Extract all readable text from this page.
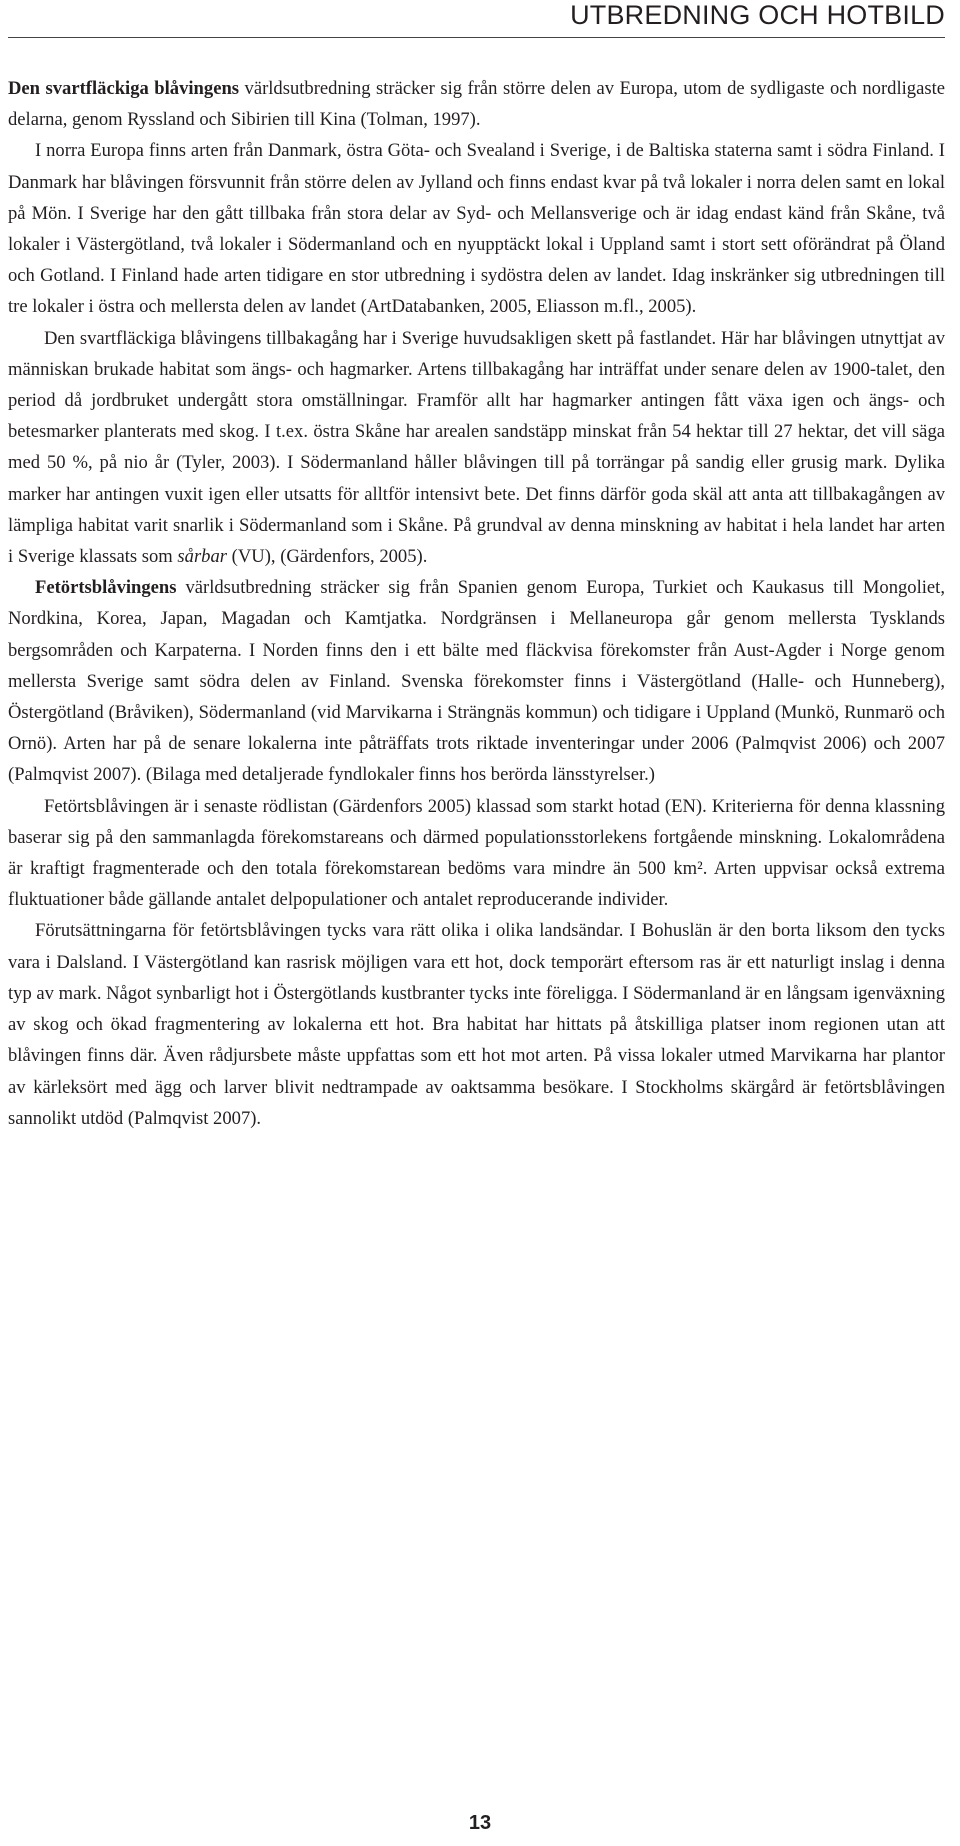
UTBREDNING OCH HOTBILD

Den svartfläckiga blåvingens världsutbredning sträcker sig från större delen av Europa, utom de sydligaste och nordligaste delarna, genom Ryssland och Sibirien till Kina (Tolman, 1997).

I norra Europa finns arten från Danmark, östra Göta- och Svealand i Sverige, i de Baltiska staterna samt i södra Finland. I Danmark har blåvingen försvunnit från större delen av Jylland och finns endast kvar på två lokaler i norra delen samt en lokal på Mön. I Sverige har den gått tillbaka från stora delar av Syd- och Mellansverige och är idag endast känd från Skåne, två lokaler i Västergötland, två lokaler i Södermanland och en nyupptäckt lokal i Uppland samt i stort sett oförändrat på Öland och Gotland. I Finland hade arten tidigare en stor utbredning i sydöstra delen av landet. Idag inskränker sig utbredningen till tre lokaler i östra och mellersta delen av landet (ArtDatabanken, 2005, Eliasson m.fl., 2005).

Den svartfläckiga blåvingens tillbakagång har i Sverige huvudsakligen skett på fastlandet. Här har blåvingen utnyttjat av människan brukade habitat som ängs- och hagmarker. Artens tillbakagång har inträffat under senare delen av 1900-talet, den period då jordbruket undergått stora omställningar. Framför allt har hagmarker antingen fått växa igen och ängs- och betesmarker planterats med skog. I t.ex. östra Skåne har arealen sandstäpp minskat från 54 hektar till 27 hektar, det vill säga med 50 %, på nio år (Tyler, 2003). I Södermanland håller blåvingen till på torrängar på sandig eller grusig mark. Dylika marker har antingen vuxit igen eller utsatts för alltför intensivt bete. Det finns därför goda skäl att anta att tillbakagången av lämpliga habitat varit snarlik i Södermanland som i Skåne. På grundval av denna minskning av habitat i hela landet har arten i Sverige klassats som sårbar (VU), (Gärdenfors, 2005).

Fetörtsblåvingens världsutbredning sträcker sig från Spanien genom Europa, Turkiet och Kaukasus till Mongoliet, Nordkina, Korea, Japan, Magadan och Kamtjatka. Nordgränsen i Mellaneuropa går genom mellersta Tysklands bergsområden och Karpaterna. I Norden finns den i ett bälte med fläckvisa förekomster från Aust-Agder i Norge genom mellersta Sverige samt södra delen av Finland. Svenska förekomster finns i Västergötland (Halle- och Hunneberg), Östergötland (Bråviken), Södermanland (vid Marvikarna i Strängnäs kommun) och tidigare i Uppland (Munkö, Runmarö och Ornö). Arten har på de senare lokalerna inte påträffats trots riktade inventeringar under 2006 (Palmqvist 2006) och 2007 (Palmqvist 2007). (Bilaga med detaljerade fyndlokaler finns hos berörda länsstyrelser.)

Fetörtsblåvingen är i senaste rödlistan (Gärdenfors 2005) klassad som starkt hotad (EN). Kriterierna för denna klassning baserar sig på den sammanlagda förekomstareans och därmed populationsstorlekens fortgående minskning. Lokalområdena är kraftigt fragmenterade och den totala förekomstarean bedöms vara mindre än 500 km². Arten uppvisar också extrema fluktuationer både gällande antalet delpopulationer och antalet reproducerande individer.

Förutsättningarna för fetörtsblåvingen tycks vara rätt olika i olika landsändar. I Bohuslän är den borta liksom den tycks vara i Dalsland. I Västergötland kan rasrisk möjligen vara ett hot, dock temporärt eftersom ras är ett naturligt inslag i denna typ av mark. Något synbarligt hot i Östergötlands kustbranter tycks inte föreligga. I Södermanland är en långsam igenväxning av skog och ökad fragmentering av lokalerna ett hot. Bra habitat har hittats på åtskilliga platser inom regionen utan att blåvingen finns där. Även rådjursbete måste uppfattas som ett hot mot arten. På vissa lokaler utmed Marvikarna har plantor av kärleksört med ägg och larver blivit nedtrampade av oaktsamma besökare. I Stockholms skärgård är fetörtsblåvingen sannolikt utdöd (Palmqvist 2007).

13
